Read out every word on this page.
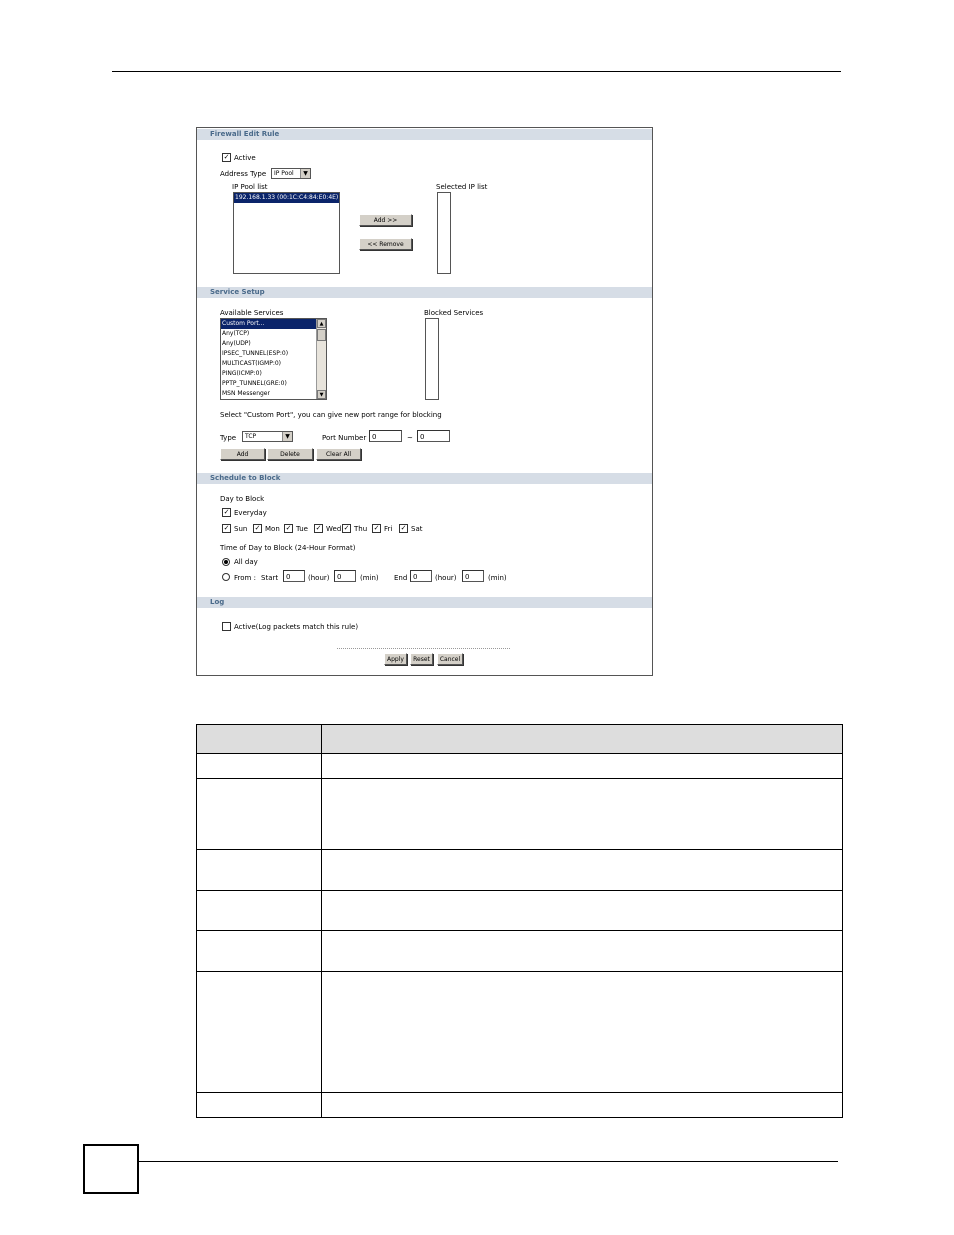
Firewall Edit Rule
✓ Active
Address Type	IP Pool	▼
IP Pool list
192.168.1.33 (00:1C:C4:84:E0:4E)
Add >>
<< Remove
Selected IP list
Service Setup
Available Services
Custom Port...
Any(TCP)
Any(UDP)
IPSEC_TUNNEL(ESP:0)
MULTICAST(IGMP:0)
PING(ICMP:0)
PPTP_TUNNEL(GRE:0)
MSN Messenger
▲
▼
Blocked Services
Select "Custom Port", you can give new port range for blocking
Type	TCP	▼	Port Number 0	~	0
Add	Delete	Clear All
Schedule to Block
Day to Block
✓ Everyday
✓ Sun ✓ Mon ✓ Tue ✓ Wed ✓ Thu ✓ Fri ✓ Sat
Time of Day to Block (24-Hour Format)
All day
From : Start	0	(hour)	0	(min) End 0	(hour)	0	(min)
Log
Active(Log packets match this rule)
Apply	Reset	Cancel
